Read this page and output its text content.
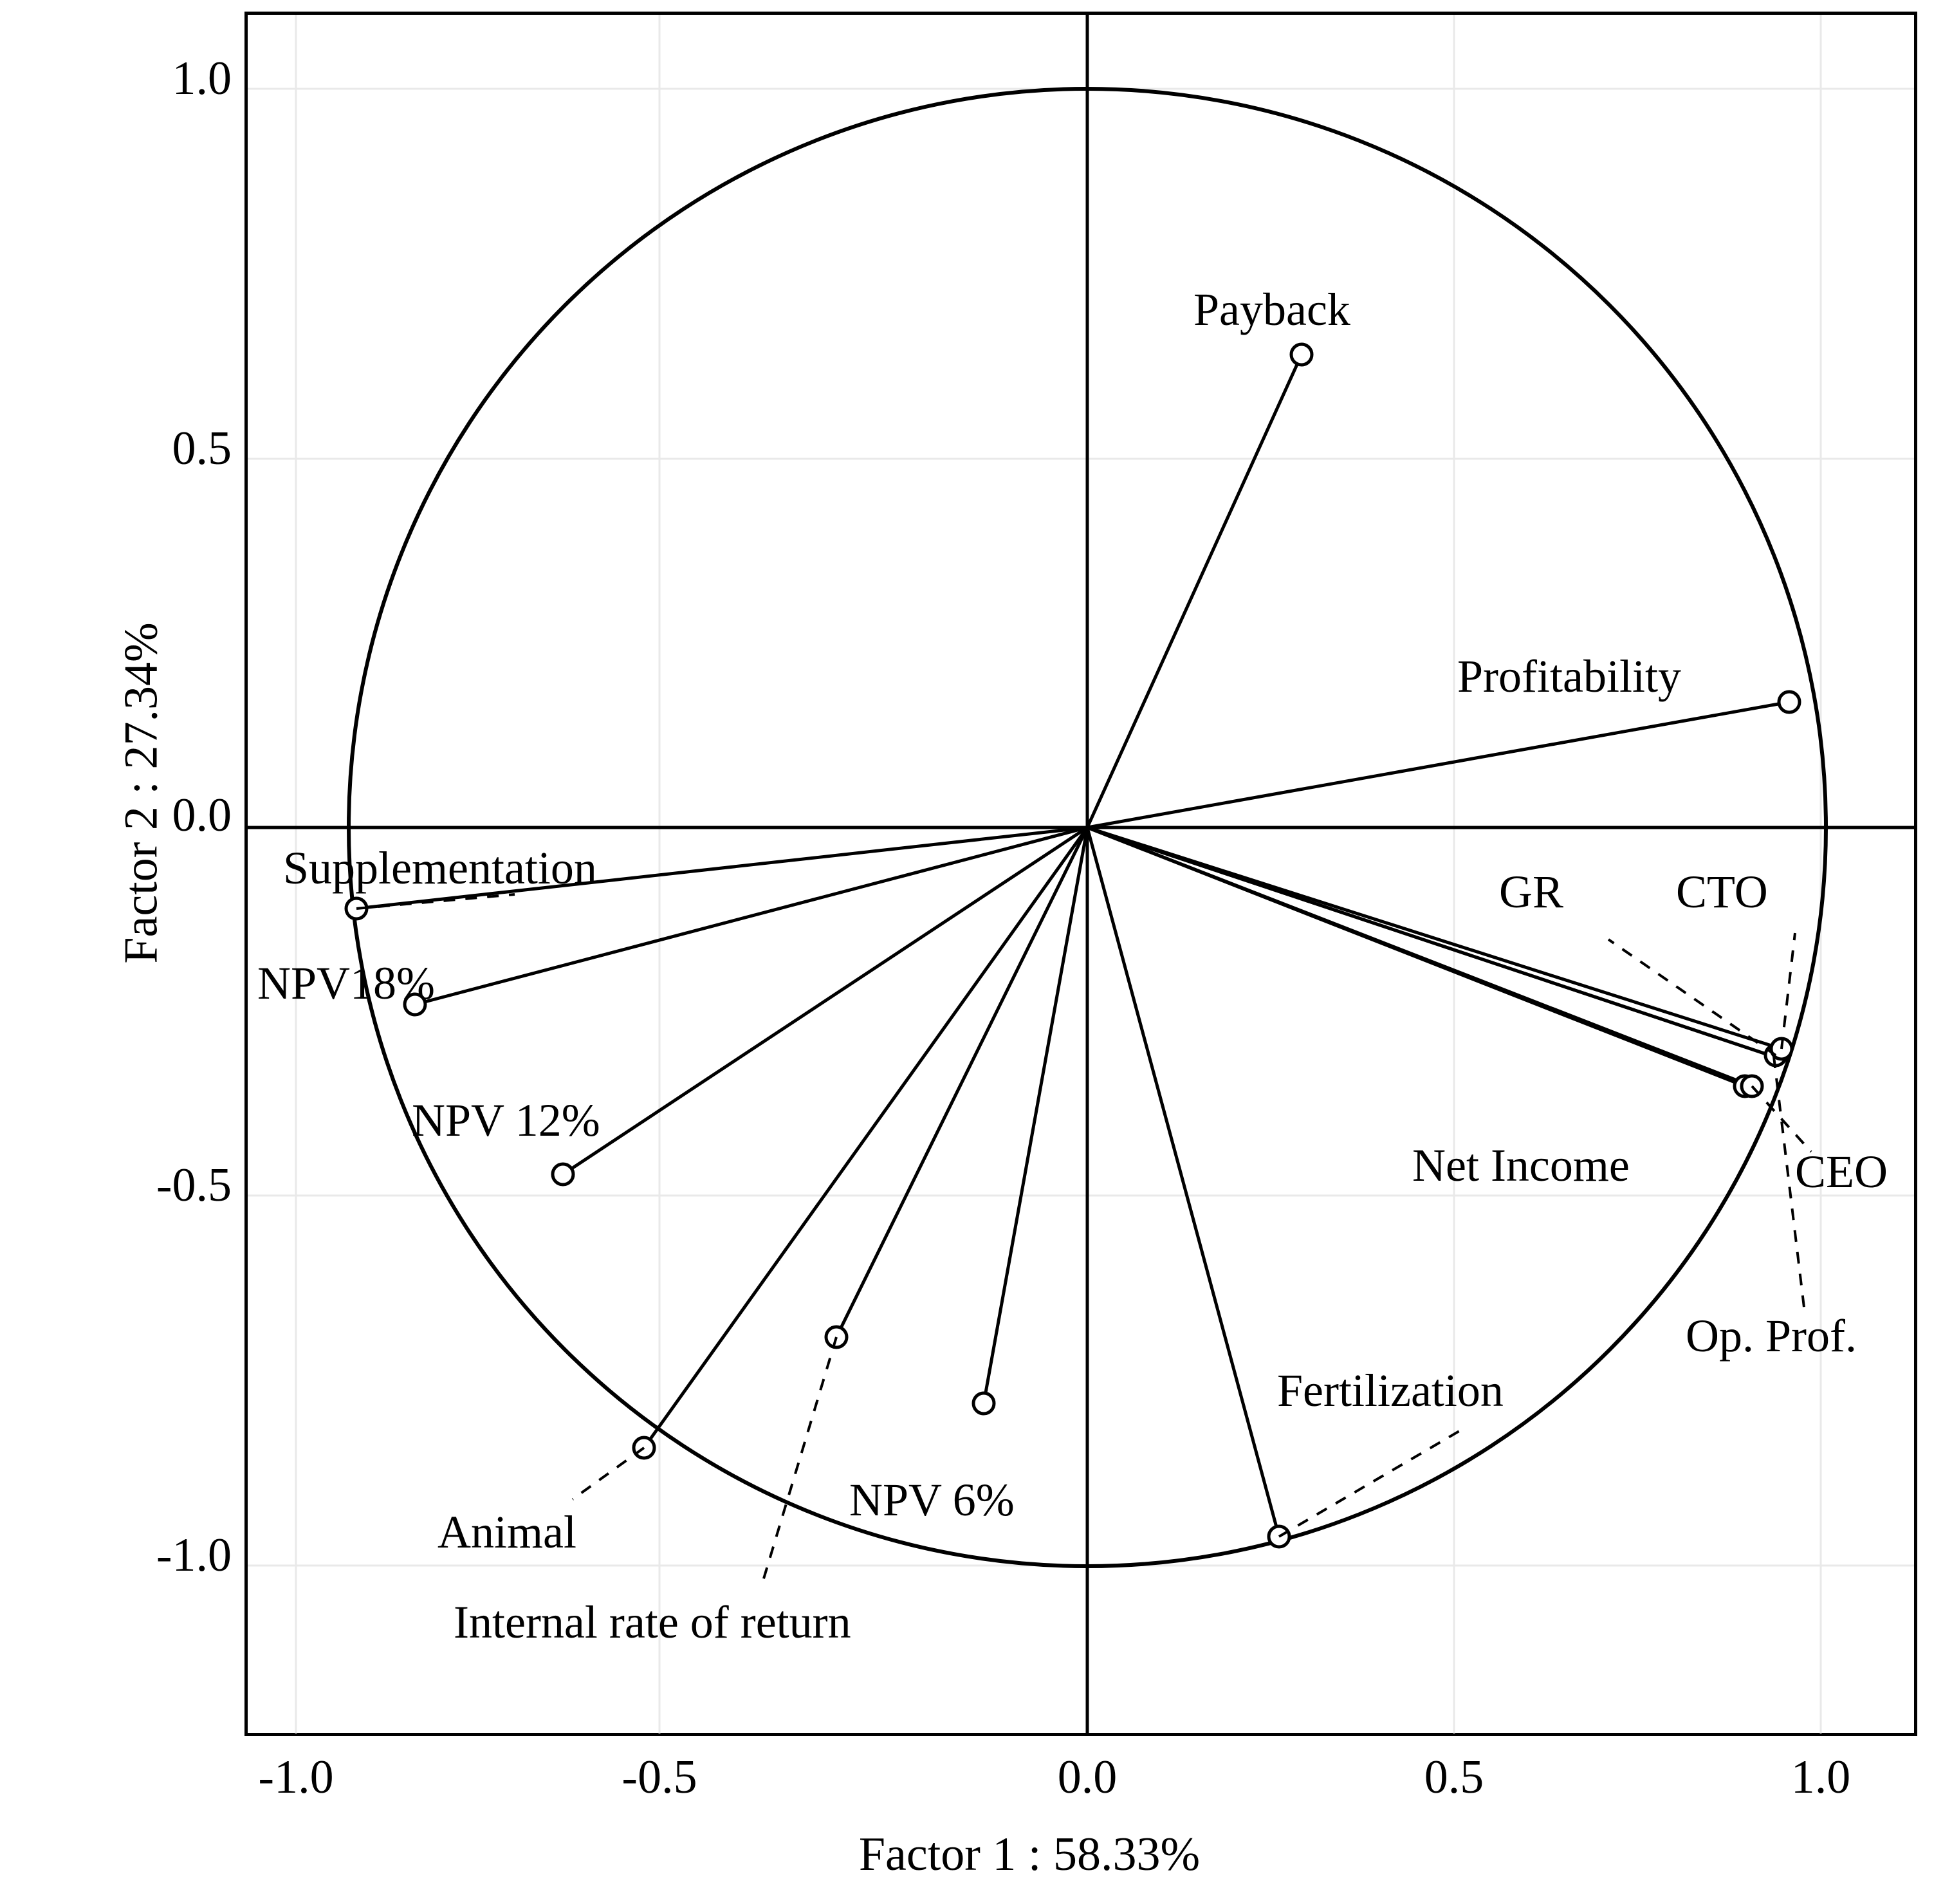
Factor 2 : 27.34%
1.0
0.5
0.0
-0.5
-1.0
-1.0	-0.5	0.0	0.5	1.0
Factor 1 : 58.33%
Payback
Profitability
Supplementation
NPV18%
NPV 12%
Animal
Internal rate of return
NPV 6%
Fertilization
GR CTO
Net Income	CEO
Op. Prof.
